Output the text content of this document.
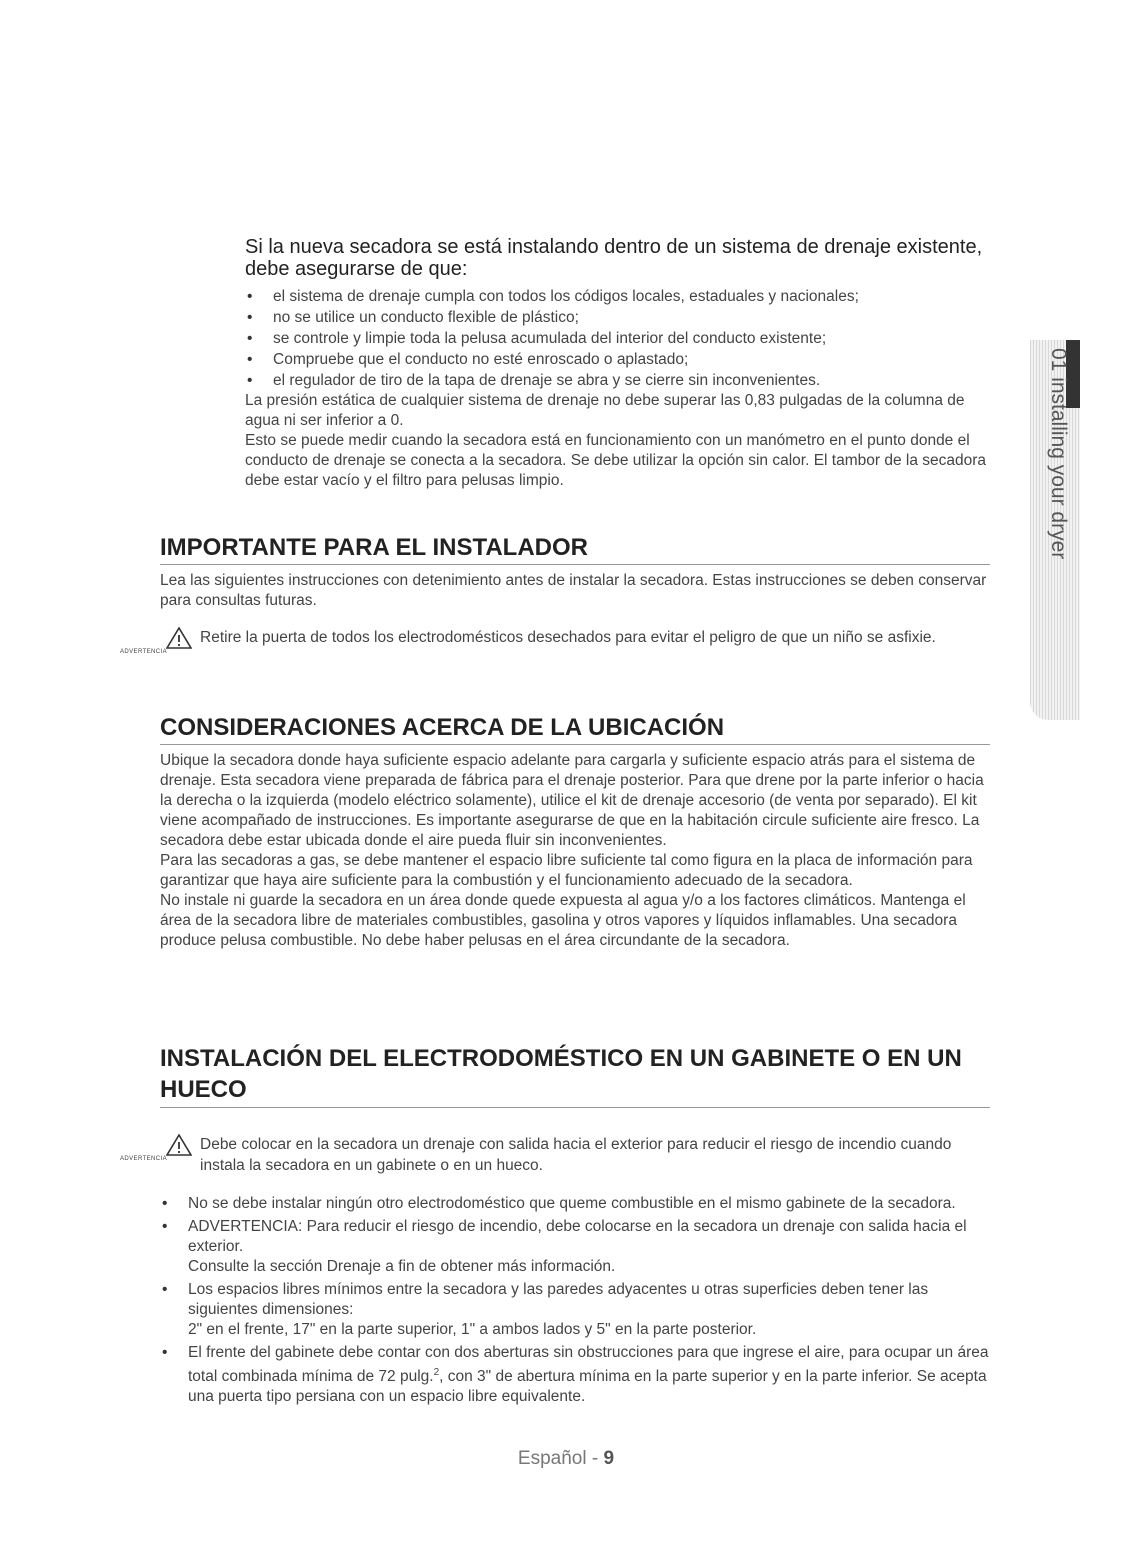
Si la nueva secadora se está instalando dentro de un sistema de drenaje existente, debe asegurarse de que:
• el sistema de drenaje cumpla con todos los códigos locales, estaduales y nacionales;
• no se utilice un conducto flexible de plástico;
• se controle y limpie toda la pelusa acumulada del interior del conducto existente;
• Compruebe que el conducto no esté enroscado o aplastado;
• el regulador de tiro de la tapa de drenaje se abra y se cierre sin inconvenientes.

La presión estática de cualquier sistema de drenaje no debe superar las 0,83 pulgadas de la columna de agua ni ser inferior a 0.

Esto se puede medir cuando la secadora está en funcionamiento con un manómetro en el punto donde el conducto de drenaje se conecta a la secadora. Se debe utilizar la opción sin calor. El tambor de la secadora debe estar vacío y el filtro para pelusas limpio.

IMPORTANTE PARA EL INSTALADOR

Lea las siguientes instrucciones con detenimiento antes de instalar la secadora. Estas instrucciones se deben conservar para consultas futuras.

ADVERTENCIA
Retire la puerta de todos los electrodomésticos desechados para evitar el peligro de que un niño se asfixie.
CONSIDERACIONES ACERCA DE LA UBICACIÓN

Ubique la secadora donde haya suficiente espacio adelante para cargarla y suficiente espacio atrás para el sistema de drenaje. Esta secadora viene preparada de fábrica para el drenaje posterior. Para que drene por la parte inferior o hacia la derecha o la izquierda (modelo eléctrico solamente), utilice el kit de drenaje accesorio (de venta por separado). El kit viene acompañado de instrucciones. Es importante asegurarse de que en la habitación circule suficiente aire fresco. La secadora debe estar ubicada donde el aire pueda fluir sin inconvenientes.

Para las secadoras a gas, se debe mantener el espacio libre suficiente tal como figura en la placa de información para garantizar que haya aire suficiente para la combustión y el funcionamiento adecuado de la secadora.

No instale ni guarde la secadora en un área donde quede expuesta al agua y/o a los factores climáticos. Mantenga el área de la secadora libre de materiales combustibles, gasolina y otros vapores y líquidos inflamables. Una secadora produce pelusa combustible. No debe haber pelusas en el área circundante de la secadora.

INSTALACIÓN DEL ELECTRODOMÉSTICO EN UN GABINETE O EN UN HUECO
ADVERTENCIA
Debe colocar en la secadora un drenaje con salida hacia el exterior para reducir el riesgo de incendio cuando instala la secadora en un gabinete o en un hueco.
• No se debe instalar ningún otro electrodoméstico que queme combustible en el mismo gabinete de la secadora.
• ADVERTENCIA: Para reducir el riesgo de incendio, debe colocarse en la secadora un drenaje con salida hacia el exterior.
Consulte la sección Drenaje a fin de obtener más información.
• Los espacios libres mínimos entre la secadora y las paredes adyacentes u otras superficies deben tener las siguientes dimensiones:
2" en el frente, 17" en la parte superior, 1" a ambos lados y 5" en la parte posterior.
• El frente del gabinete debe contar con dos aberturas sin obstrucciones para que ingrese el aire, para ocupar un área total combinada mínima de 72 pulg.$^2$, con 3" de abertura mínima en la parte superior y en la parte inferior. Se acepta una puerta tipo persiana con un espacio libre equivalente.
Español - 9
01 installing your dryer
